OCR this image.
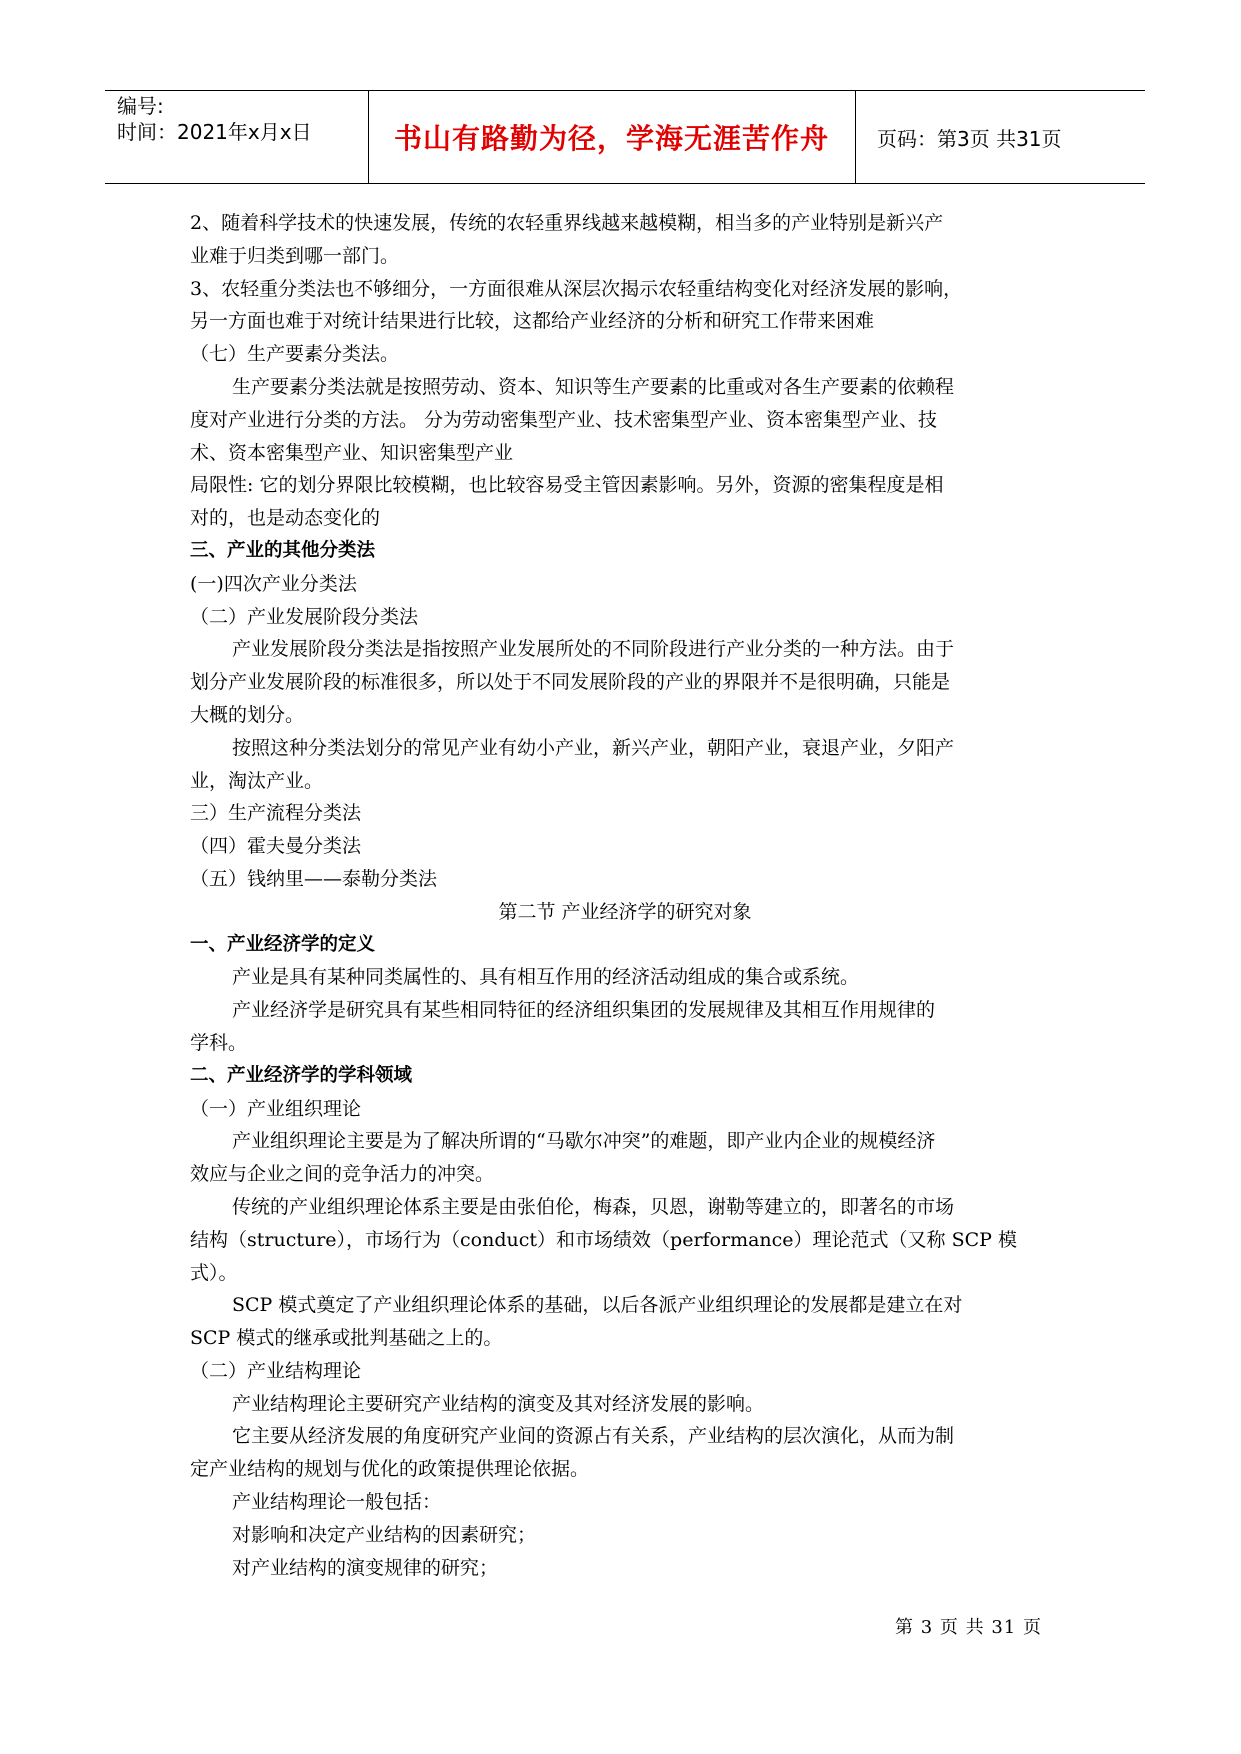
编号:
时间：2021年x月x日	书山有路勤为径，学海无涯苦作舟 页码：第3页 共31页
2、随着科学技术的快速发展，传统的农轻重界线越来越模糊，相当多的产业特别是新兴产
业难于归类到哪一部门。
3、农轻重分类法也不够细分，一方面很难从深层次揭示农轻重结构变化对经济发展的影响，
另一方面也难于对统计结果进行比较，这都给产业经济的分析和研究工作带来困难
（七）生产要素分类法。
生产要素分类法就是按照劳动、资本、知识等生产要素的比重或对各生产要素的依赖程
度对产业进行分类的方法。 分为劳动密集型产业、技术密集型产业、资本密集型产业、技
术、资本密集型产业、知识密集型产业
局限性: 它的划分界限比较模糊，也比较容易受主管因素影响。另外，资源的密集程度是相
对的，也是动态变化的
三、产业的其他分类法
(一)四次产业分类法
（二）产业发展阶段分类法
产业发展阶段分类法是指按照产业发展所处的不同阶段进行产业分类的一种方法。由于
划分产业发展阶段的标准很多，所以处于不同发展阶段的产业的界限并不是很明确，只能是
大概的划分。
按照这种分类法划分的常见产业有幼小产业，新兴产业，朝阳产业，衰退产业，夕阳产
业，淘汰产业。
三）生产流程分类法
（四）霍夫曼分类法
（五）钱纳里——泰勒分类法
第二节 产业经济学的研究对象
一、产业经济学的定义
产业是具有某种同类属性的、具有相互作用的经济活动组成的集合或系统。
产业经济学是研究具有某些相同特征的经济组织集团的发展规律及其相互作用规律的
学科。
二、产业经济学的学科领域
（一）产业组织理论
产业组织理论主要是为了解决所谓的“马歇尔冲突”的难题，即产业内企业的规模经济
效应与企业之间的竞争活力的冲突。
传统的产业组织理论体系主要是由张伯伦，梅森，贝恩，谢勒等建立的，即著名的市场
结构（structure），市场行为（conduct）和市场绩效（performance）理论范式（又称 SCP 模
式）。
SCP 模式奠定了产业组织理论体系的基础，以后各派产业组织理论的发展都是建立在对
SCP 模式的继承或批判基础之上的。
（二）产业结构理论
产业结构理论主要研究产业结构的演变及其对经济发展的影响。
它主要从经济发展的角度研究产业间的资源占有关系，产业结构的层次演化，从而为制
定产业结构的规划与优化的政策提供理论依据。
产业结构理论一般包括：
对影响和决定产业结构的因素研究；
对产业结构的演变规律的研究；
第 3 页 共 31 页
